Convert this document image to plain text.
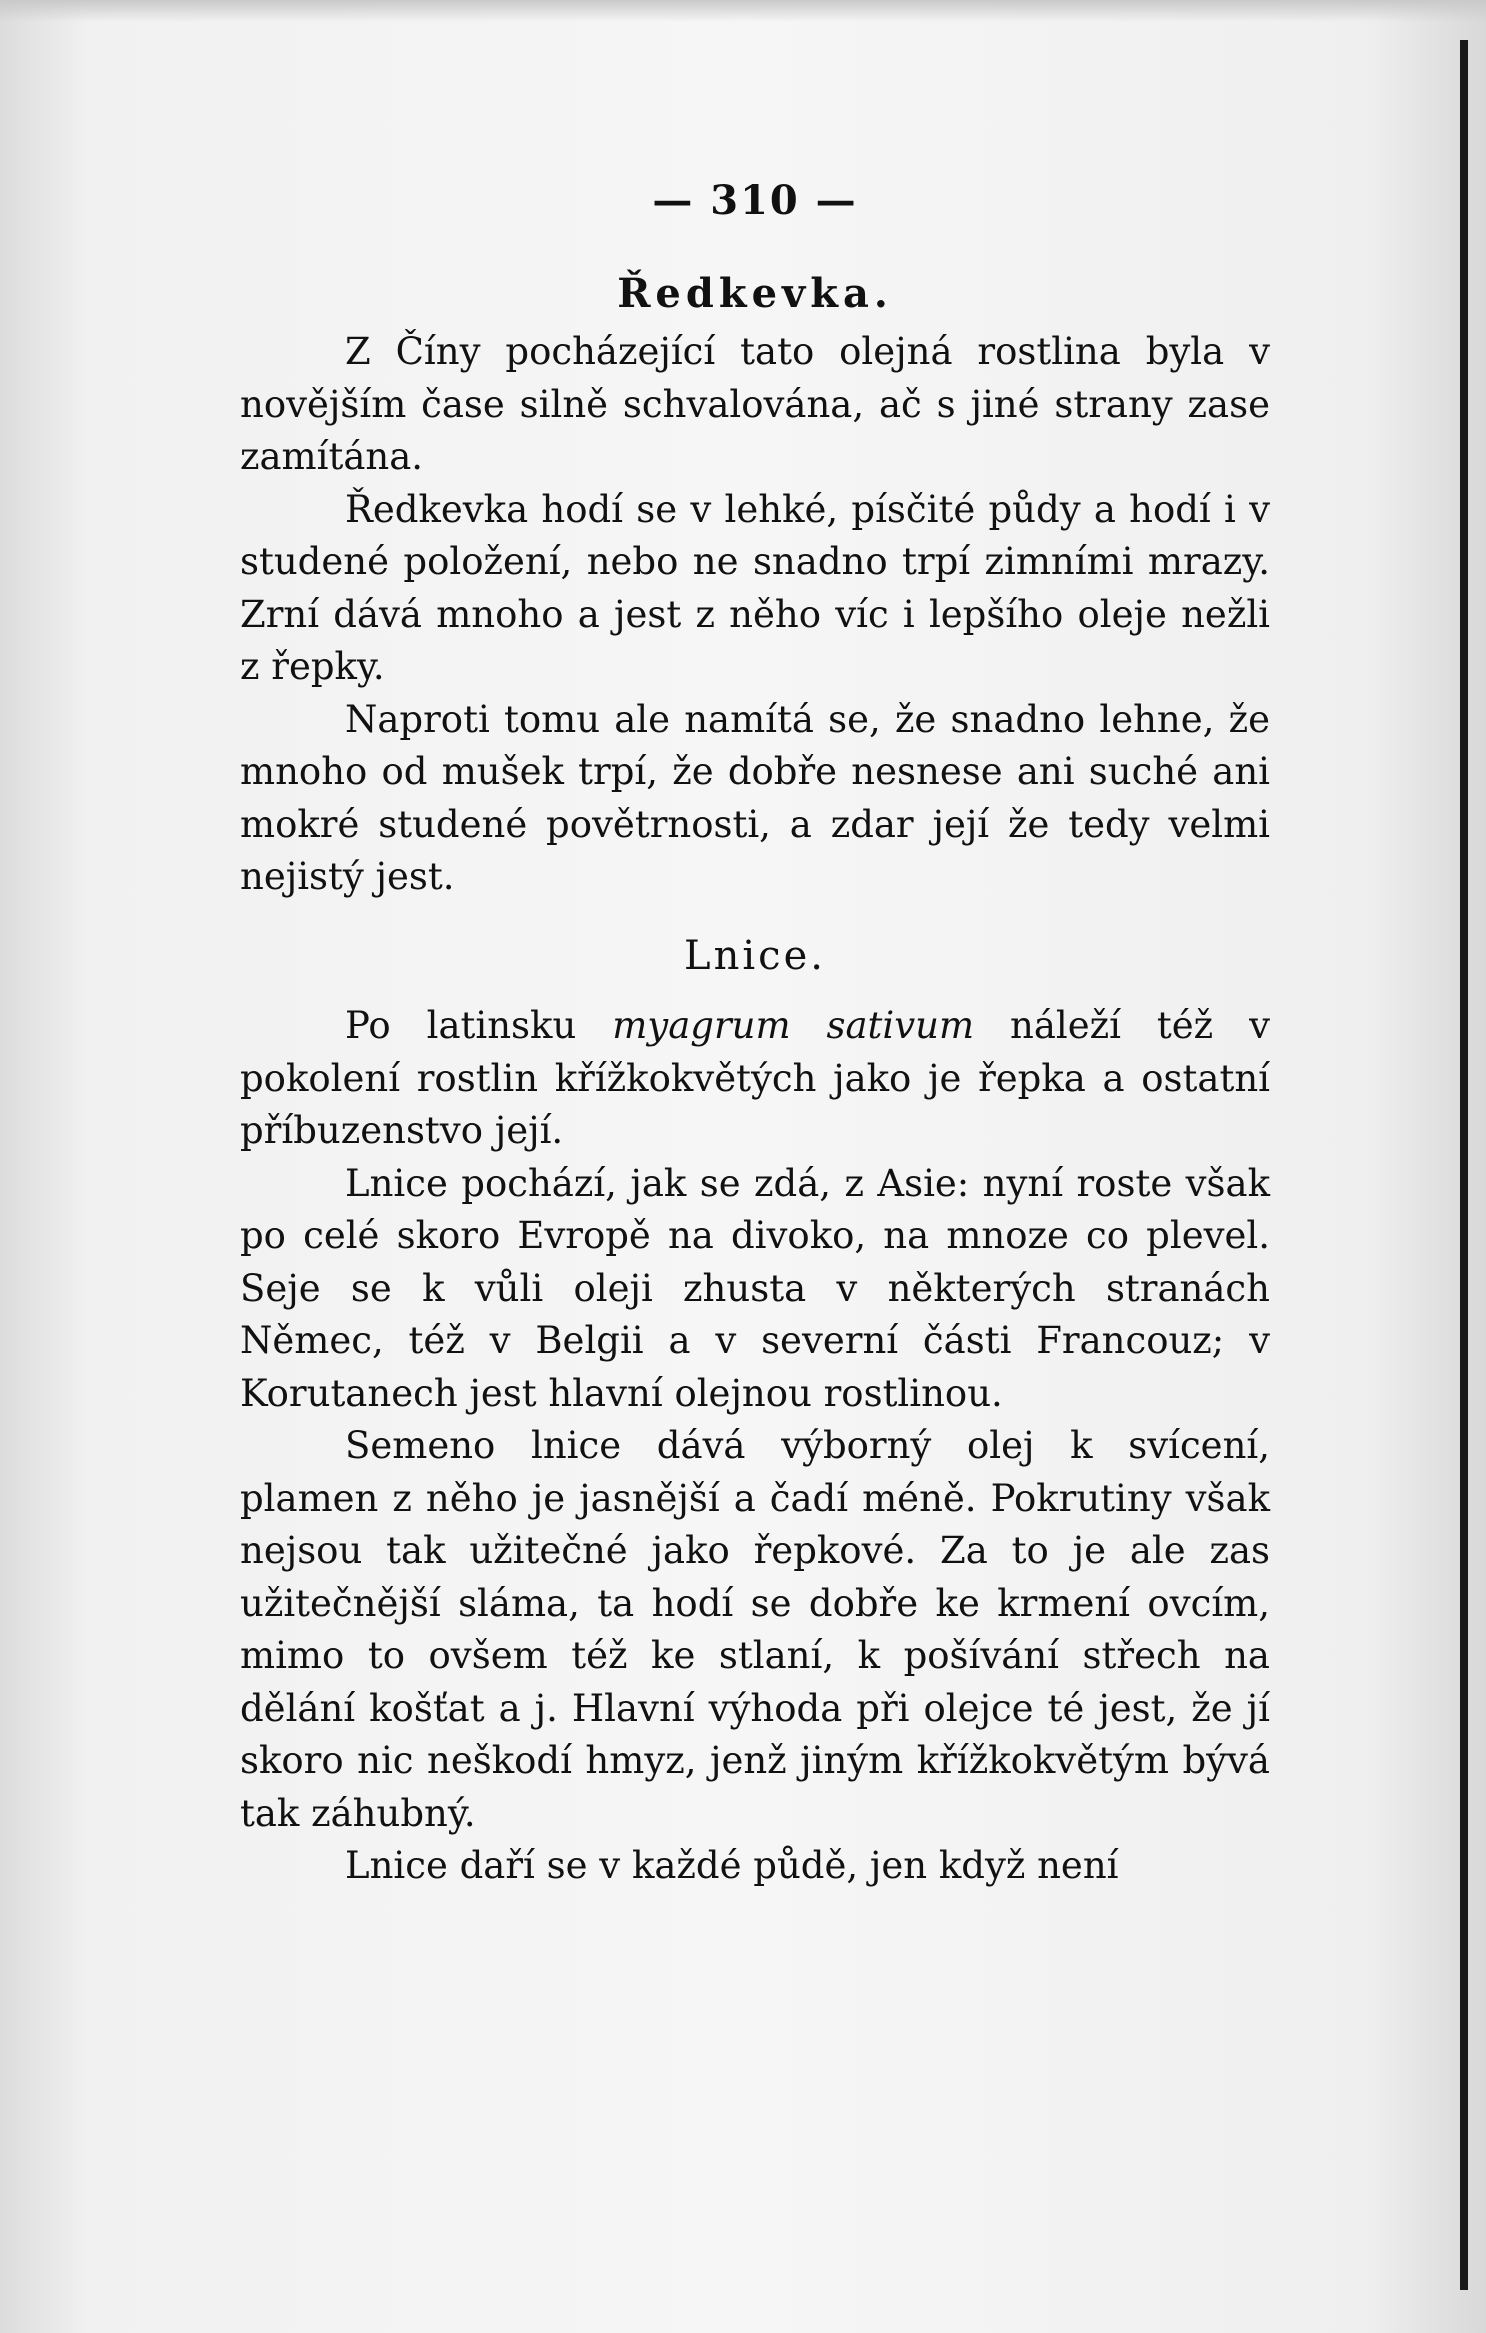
— 310 —
Ředkevka.

Z Číny pocházející tato olejná rostlina byla v novějším čase silně schvalována, ač s jiné strany zase zamítána.

Ředkevka hodí se v lehké, písčité půdy a hodí i v studené položení, nebo ne snadno trpí zimními mrazy. Zrní dává mnoho a jest z něho víc i lepšího oleje nežli z řepky.

Naproti tomu ale namítá se, že snadno lehne, že mnoho od mušek trpí, že dobře nesnese ani suché ani mokré studené povětrnosti, a zdar její že tedy velmi nejistý jest.

Lnice.

Po latinsku myagrum sativum náleží též v pokolení rostlin křížkokvětých jako je řepka a ostatní příbuzenstvo její.

Lnice pochází, jak se zdá, z Asie: nyní roste však po celé skoro Evropě na divoko, na mnoze co plevel. Seje se k vůli oleji zhusta v některých stranách Němec, též v Belgii a v severní části Francouz; v Korutanech jest hlavní olejnou rostlinou.

Semeno lnice dává výborný olej k svícení, plamen z něho je jasnější a čadí méně. Pokrutiny však nejsou tak užitečné jako řepkové. Za to je ale zas užitečnější sláma, ta hodí se dobře ke krmení ovcím, mimo to ovšem též ke stlaní, k pošívání střech na dělání košťat a j. Hlavní výhoda při olejce té jest, že jí skoro nic neškodí hmyz, jenž jiným křížkokvětým bývá tak záhubný.

Lnice daří se v každé půdě, jen když není
